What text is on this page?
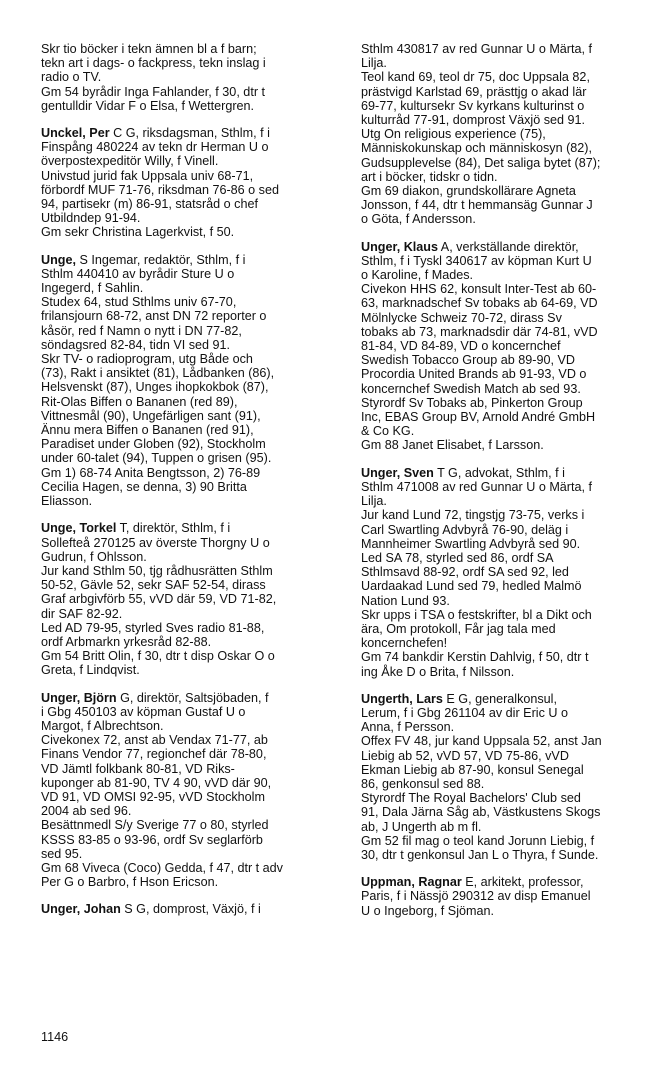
Skr tio böcker i tekn ämnen bl a f barn;
tekn art i dags- o fackpress, tekn inslag i
radio o TV.
Gm 54 byrådir Inga Fahlander, f 30, dtr t
gentulldir Vidar F o Elsa, f Wettergren.
Unckel, Per C G, riksdagsman, Sthlm, f i
Finspång 480224 av tekn dr Herman U o
överpostexpeditör Willy, f Vinell.
Univstud jurid fak Uppsala univ 68-71,
förbordf MUF 71-76, riksdman 76-86 o sed
94, partisekr (m) 86-91, statsråd o chef
Utbildndep 91-94.
Gm sekr Christina Lagerkvist, f 50.
Unge, S Ingemar, redaktör, Sthlm, f i
Sthlm 440410 av byrådir Sture U o
Ingegerd, f Sahlin.
Studex 64, stud Sthlms univ 67-70,
frilansjourn 68-72, anst DN 72 reporter o
kåsör, red f Namn o nytt i DN 77-82,
söndagsred 82-84, tidn VI sed 91.
Skr TV- o radioprogram, utg Både och
(73), Rakt i ansiktet (81), Lådbanken (86),
Helsvenskt (87), Unges ihopkokbok (87),
Rit-Olas Biffen o Bananen (red 89),
Vittnesmål (90), Ungefärligen sant (91),
Ännu mera Biffen o Bananen (red 91),
Paradiset under Globen (92), Stockholm
under 60-talet (94), Tuppen o grisen (95).
Gm 1) 68-74 Anita Bengtsson, 2) 76-89
Cecilia Hagen, se denna, 3) 90 Britta
Eliasson.
Unge, Torkel T, direktör, Sthlm, f i
Sollefteå 270125 av överste Thorgny U o
Gudrun, f Ohlsson.
Jur kand Sthlm 50, tjg rådhusrätten Sthlm
50-52, Gävle 52, sekr SAF 52-54, dirass
Graf arbgivförb 55, vVD där 59, VD 71-82,
dir SAF 82-92.
Led AD 79-95, styrled Sves radio 81-88,
ordf Arbmarkn yrkesråd 82-88.
Gm 54 Britt Olin, f 30, dtr t disp Oskar O o
Greta, f Lindqvist.
Unger, Björn G, direktör, Saltsjöbaden, f
i Gbg 450103 av köpman Gustaf U o
Margot, f Albrechtson.
Civekonex 72, anst ab Vendax 71-77, ab
Finans Vendor 77, regionchef där 78-80,
VD Jämtl folkbank 80-81, VD Riks-
kuponger ab 81-90, TV 4 90, vVD där 90,
VD 91, VD OMSI 92-95, vVD Stockholm
2004 ab sed 96.
Besättnmedl S/y Sverige 77 o 80, styrled
KSSS 83-85 o 93-96, ordf Sv seglarförb
sed 95.
Gm 68 Viveca (Coco) Gedda, f 47, dtr t adv
Per G o Barbro, f Hson Ericson.
Unger, Johan S G, domprost, Växjö, f i
Sthlm 430817 av red Gunnar U o Märta, f
Lilja.
Teol kand 69, teol dr 75, doc Uppsala 82,
prästvigd Karlstad 69, prästtjg o akad lär
69-77, kultursekr Sv kyrkans kulturinst o
kulturråd 77-91, domprost Växjö sed 91.
Utg On religious experience (75),
Människokunskap och människosyn (82),
Gudsupplevelse (84), Det saliga bytet (87);
art i böcker, tidskr o tidn.
Gm 69 diakon, grundskollärare Agneta
Jonsson, f 44, dtr t hemmansäg Gunnar J
o Göta, f Andersson.
Unger, Klaus A, verkställande direktör,
Sthlm, f i Tyskl 340617 av köpman Kurt U
o Karoline, f Mades.
Civekon HHS 62, konsult Inter-Test ab 60-
63, marknadschef Sv tobaks ab 64-69, VD
Mölnlycke Schweiz 70-72, dirass Sv
tobaks ab 73, marknadsdir där 74-81, vVD
81-84, VD 84-89, VD o koncernchef
Swedish Tobacco Group ab 89-90, VD
Procordia United Brands ab 91-93, VD o
koncernchef Swedish Match ab sed 93.
Styrordf Sv Tobaks ab, Pinkerton Group
Inc, EBAS Group BV, Arnold André GmbH
& Co KG.
Gm 88 Janet Elisabet, f Larsson.
Unger, Sven T G, advokat, Sthlm, f i
Sthlm 471008 av red Gunnar U o Märta, f
Lilja.
Jur kand Lund 72, tingstjg 73-75, verks i
Carl Swartling Advbyrå 76-90, deläg i
Mannheimer Swartling Advbyrå sed 90.
Led SA 78, styrled sed 86, ordf SA
Sthlmsavd 88-92, ordf SA sed 92, led
Uardaakad Lund sed 79, hedled Malmö
Nation Lund 93.
Skr upps i TSA o festskrifter, bl a Dikt och
ära, Om protokoll, Får jag tala med
koncernchefen!
Gm 74 bankdir Kerstin Dahlvig, f 50, dtr t
ing Åke D o Brita, f Nilsson.
Ungerth, Lars E G, generalkonsul,
Lerum, f i Gbg 261104 av dir Eric U o
Anna, f Persson.
Offex FV 48, jur kand Uppsala 52, anst Jan
Liebig ab 52, vVD 57, VD 75-86, vVD
Ekman Liebig ab 87-90, konsul Senegal
86, genkonsul sed 88.
Styrordf The Royal Bachelors' Club sed
91, Dala Järna Såg ab, Västkustens Skogs
ab, J Ungerth ab m fl.
Gm 52 fil mag o teol kand Jorunn Liebig, f
30, dtr t genkonsul Jan L o Thyra, f Sunde.
Uppman, Ragnar E, arkitekt, professor,
Paris, f i Nässjö 290312 av disp Emanuel
U o Ingeborg, f Sjöman.
1146
